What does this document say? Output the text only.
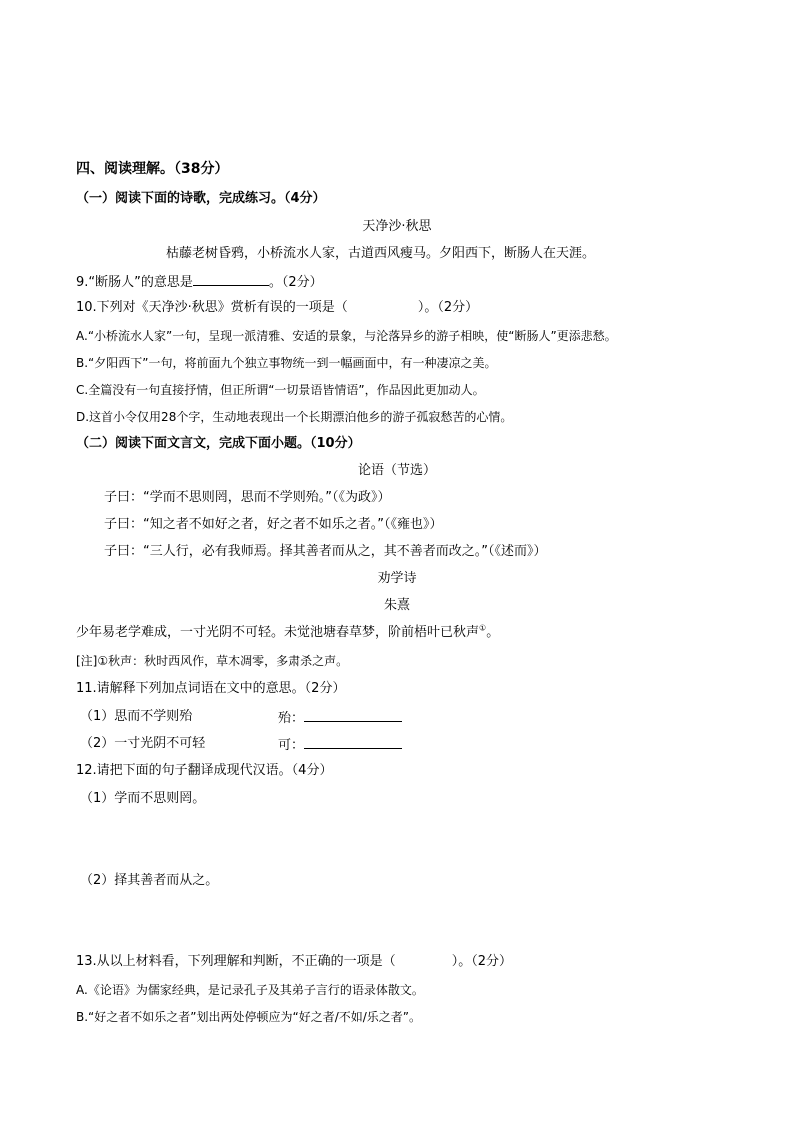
四、阅读理解。（38分）
（一）阅读下面的诗歌，完成练习。（4分）
天净沙·秋思
枯藤老树昏鸦，小桥流水人家，古道西风瘦马。夕阳西下，断肠人在天涯。
9.“断肠人”的意思是	。（2分）
10.下列对《天净沙·秋思》赏析有误的一项是（	）。（2分）
A.“小桥流水人家”一句，呈现一派清雅、安适的景象，与沦落异乡的游子相映，使“断肠人”更添悲愁。
B.“夕阳西下”一句，将前面九个独立事物统一到一幅画面中，有一种凄凉之美。
C.全篇没有一句直接抒情，但正所谓“一切景语皆情语”，作品因此更加动人。
D.这首小令仅用28个字，生动地表现出一个长期漂泊他乡的游子孤寂愁苦的心情。
（二）阅读下面文言文，完成下面小题。（10分）
论语（节选）
子曰：“学而不思则罔，思而不学则殆。”（《为政》）
子曰：“知之者不如好之者，好之者不如乐之者。”（《雍也》）
子曰：“三人行，必有我师焉。择其善者而从之，其不善者而改之。”（《述而》）
劝学诗
朱熹
少年易老学难成，一寸光阴不可轻。未觉池塘春草梦，阶前梧叶已秋声①。
[注]①秋声：秋时西风作，草木凋零，多肃杀之声。
11.请解释下列加点词语在文中的意思。（2分）
（1）思而不学则殆	殆：
（2）一寸光阴不可轻	可：
12.请把下面的句子翻译成现代汉语。（4分）
（1）学而不思则罔。
（2）择其善者而从之。
13.从以上材料看，下列理解和判断，不正确的一项是（	）。（2分）
A.《论语》为儒家经典，是记录孔子及其弟子言行的语录体散文。
B.“好之者不如乐之者”划出两处停顿应为“好之者/不如/乐之者”。
